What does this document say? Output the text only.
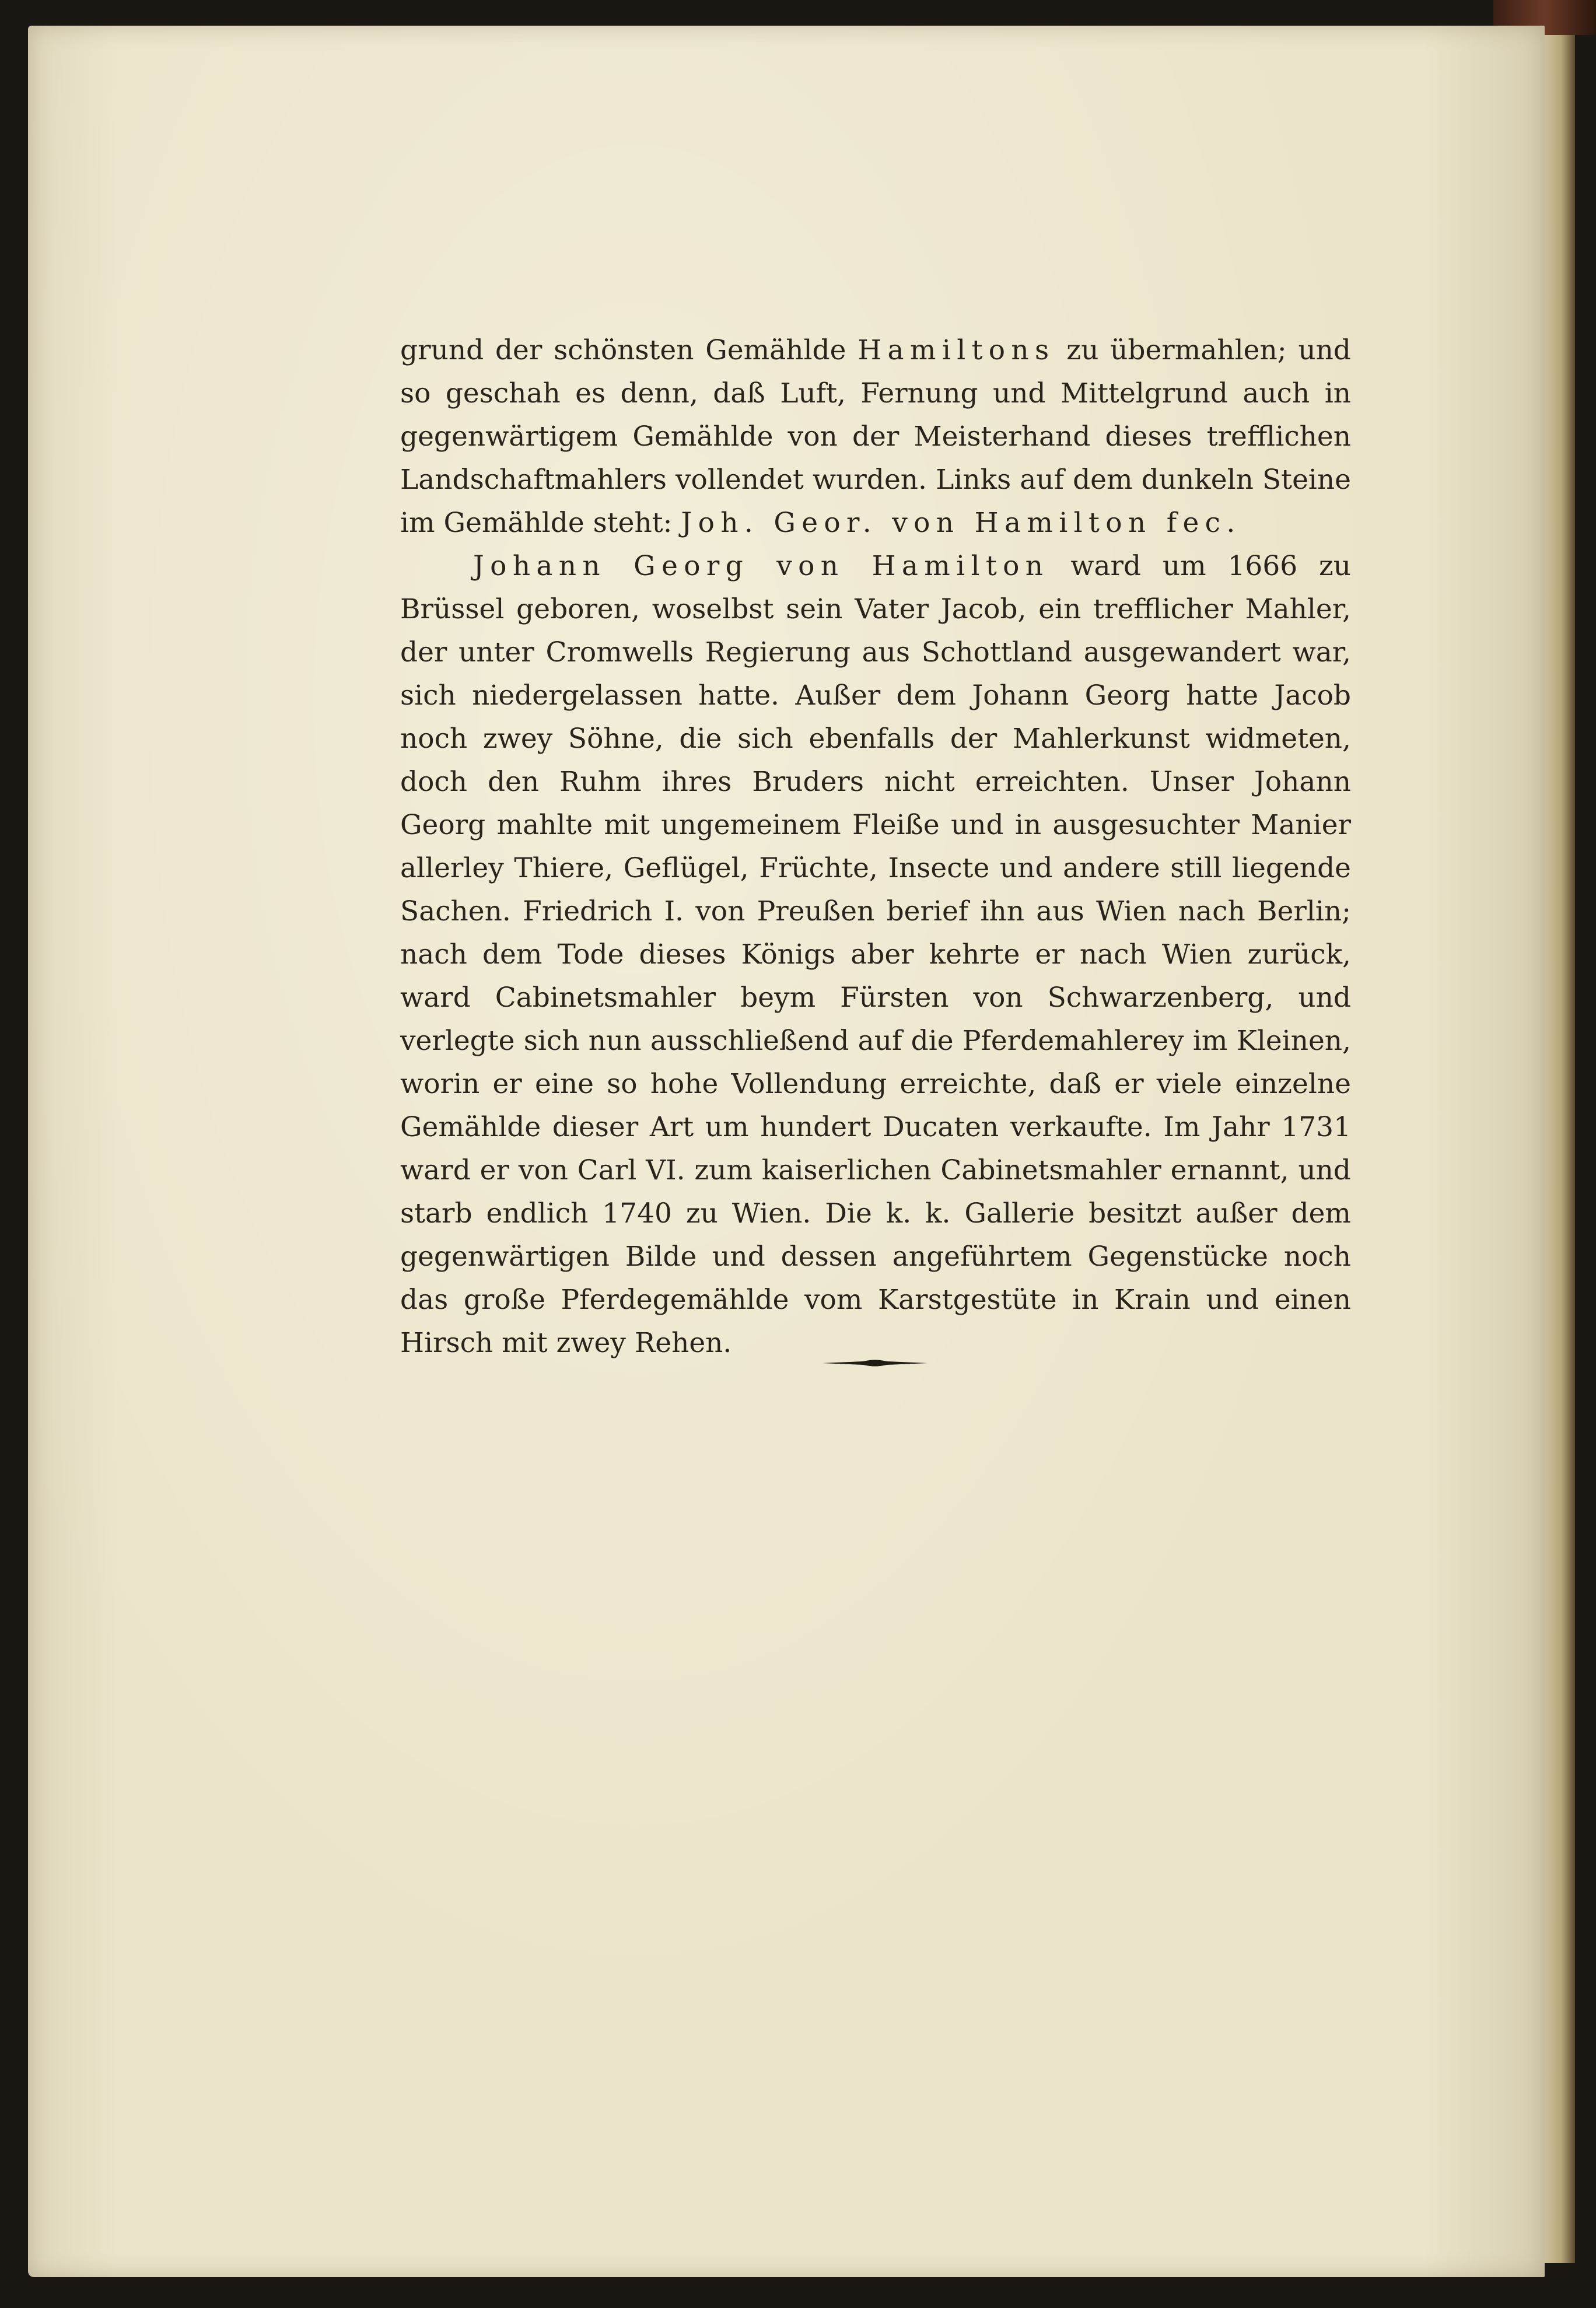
grund der schönsten Gemählde Hamiltons zu übermahlen; und so geschah es denn, daß Luft, Fernung und Mittelgrund auch in gegenwärtigem Gemählde von der Meisterhand dieses trefflichen Landschaftmahlers vollendet wurden. Links auf dem dunkeln Steine im Gemählde steht: Joh. Geor. von Hamilton fec.

Johann Georg von Hamilton ward um 1666 zu Brüssel geboren, woselbst sein Vater Jacob, ein trefflicher Mahler, der unter Cromwells Regierung aus Schottland ausgewandert war, sich niedergelassen hatte. Außer dem Johann Georg hatte Jacob noch zwey Söhne, die sich ebenfalls der Mahlerkunst widmeten, doch den Ruhm ihres Bruders nicht erreichten. Unser Johann Georg mahlte mit ungemeinem Fleiße und in ausgesuchter Manier allerley Thiere, Geflügel, Früchte, Insecte und andere still liegende Sachen. Friedrich I. von Preußen berief ihn aus Wien nach Berlin; nach dem Tode dieses Königs aber kehrte er nach Wien zurück, ward Cabinetsmahler beym Fürsten von Schwarzenberg, und verlegte sich nun ausschließend auf die Pferdemahlerey im Kleinen, worin er eine so hohe Vollendung erreichte, daß er viele einzelne Gemählde dieser Art um hundert Ducaten verkaufte. Im Jahr 1731 ward er von Carl VI. zum kaiserlichen Cabinetsmahler ernannt, und starb endlich 1740 zu Wien. Die k. k. Gallerie besitzt außer dem gegenwärtigen Bilde und dessen angeführtem Gegenstücke noch das große Pferdegemählde vom Karstgestüte in Krain und einen Hirsch mit zwey Rehen.
